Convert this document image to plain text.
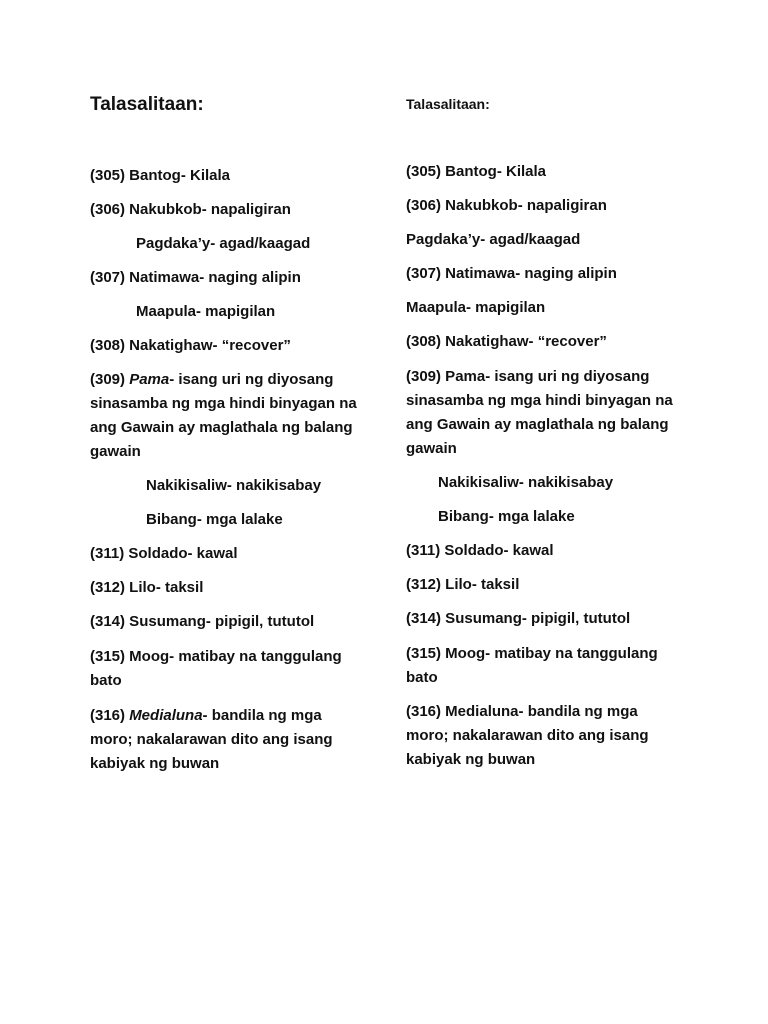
Talasalitaan:
(305) Bantog- Kilala
(306) Nakubkob- napaligiran
Pagdaka’y- agad/kaagad
(307) Natimawa- naging alipin
Maapula- mapigilan
(308) Nakatighaw- “recover”
(309) Pama- isang uri ng diyosang sinasamba ng mga hindi binyagan na ang Gawain ay maglathala ng balang gawain
Nakikisaliw- nakikisabay
Bibang- mga lalake
(311) Soldado- kawal
(312) Lilo- taksil
(314) Susumang- pipigil, tututol
(315) Moog- matibay na tanggulang bato
(316) Medialuna- bandila ng mga moro; nakalarawan dito ang isang kabiyak ng buwan
Talasalitaan:
(305) Bantog- Kilala
(306) Nakubkob- napaligiran
Pagdaka’y- agad/kaagad
(307) Natimawa- naging alipin
Maapula- mapigilan
(308) Nakatighaw- “recover”
(309) Pama- isang uri ng diyosang sinasamba ng mga hindi binyagan na ang Gawain ay maglathala ng balang gawain
Nakikisaliw- nakikisabay
Bibang- mga lalake
(311) Soldado- kawal
(312) Lilo- taksil
(314) Susumang- pipigil, tututol
(315) Moog- matibay na tanggulang bato
(316) Medialuna- bandila ng mga moro; nakalarawan dito ang isang kabiyak ng buwan
